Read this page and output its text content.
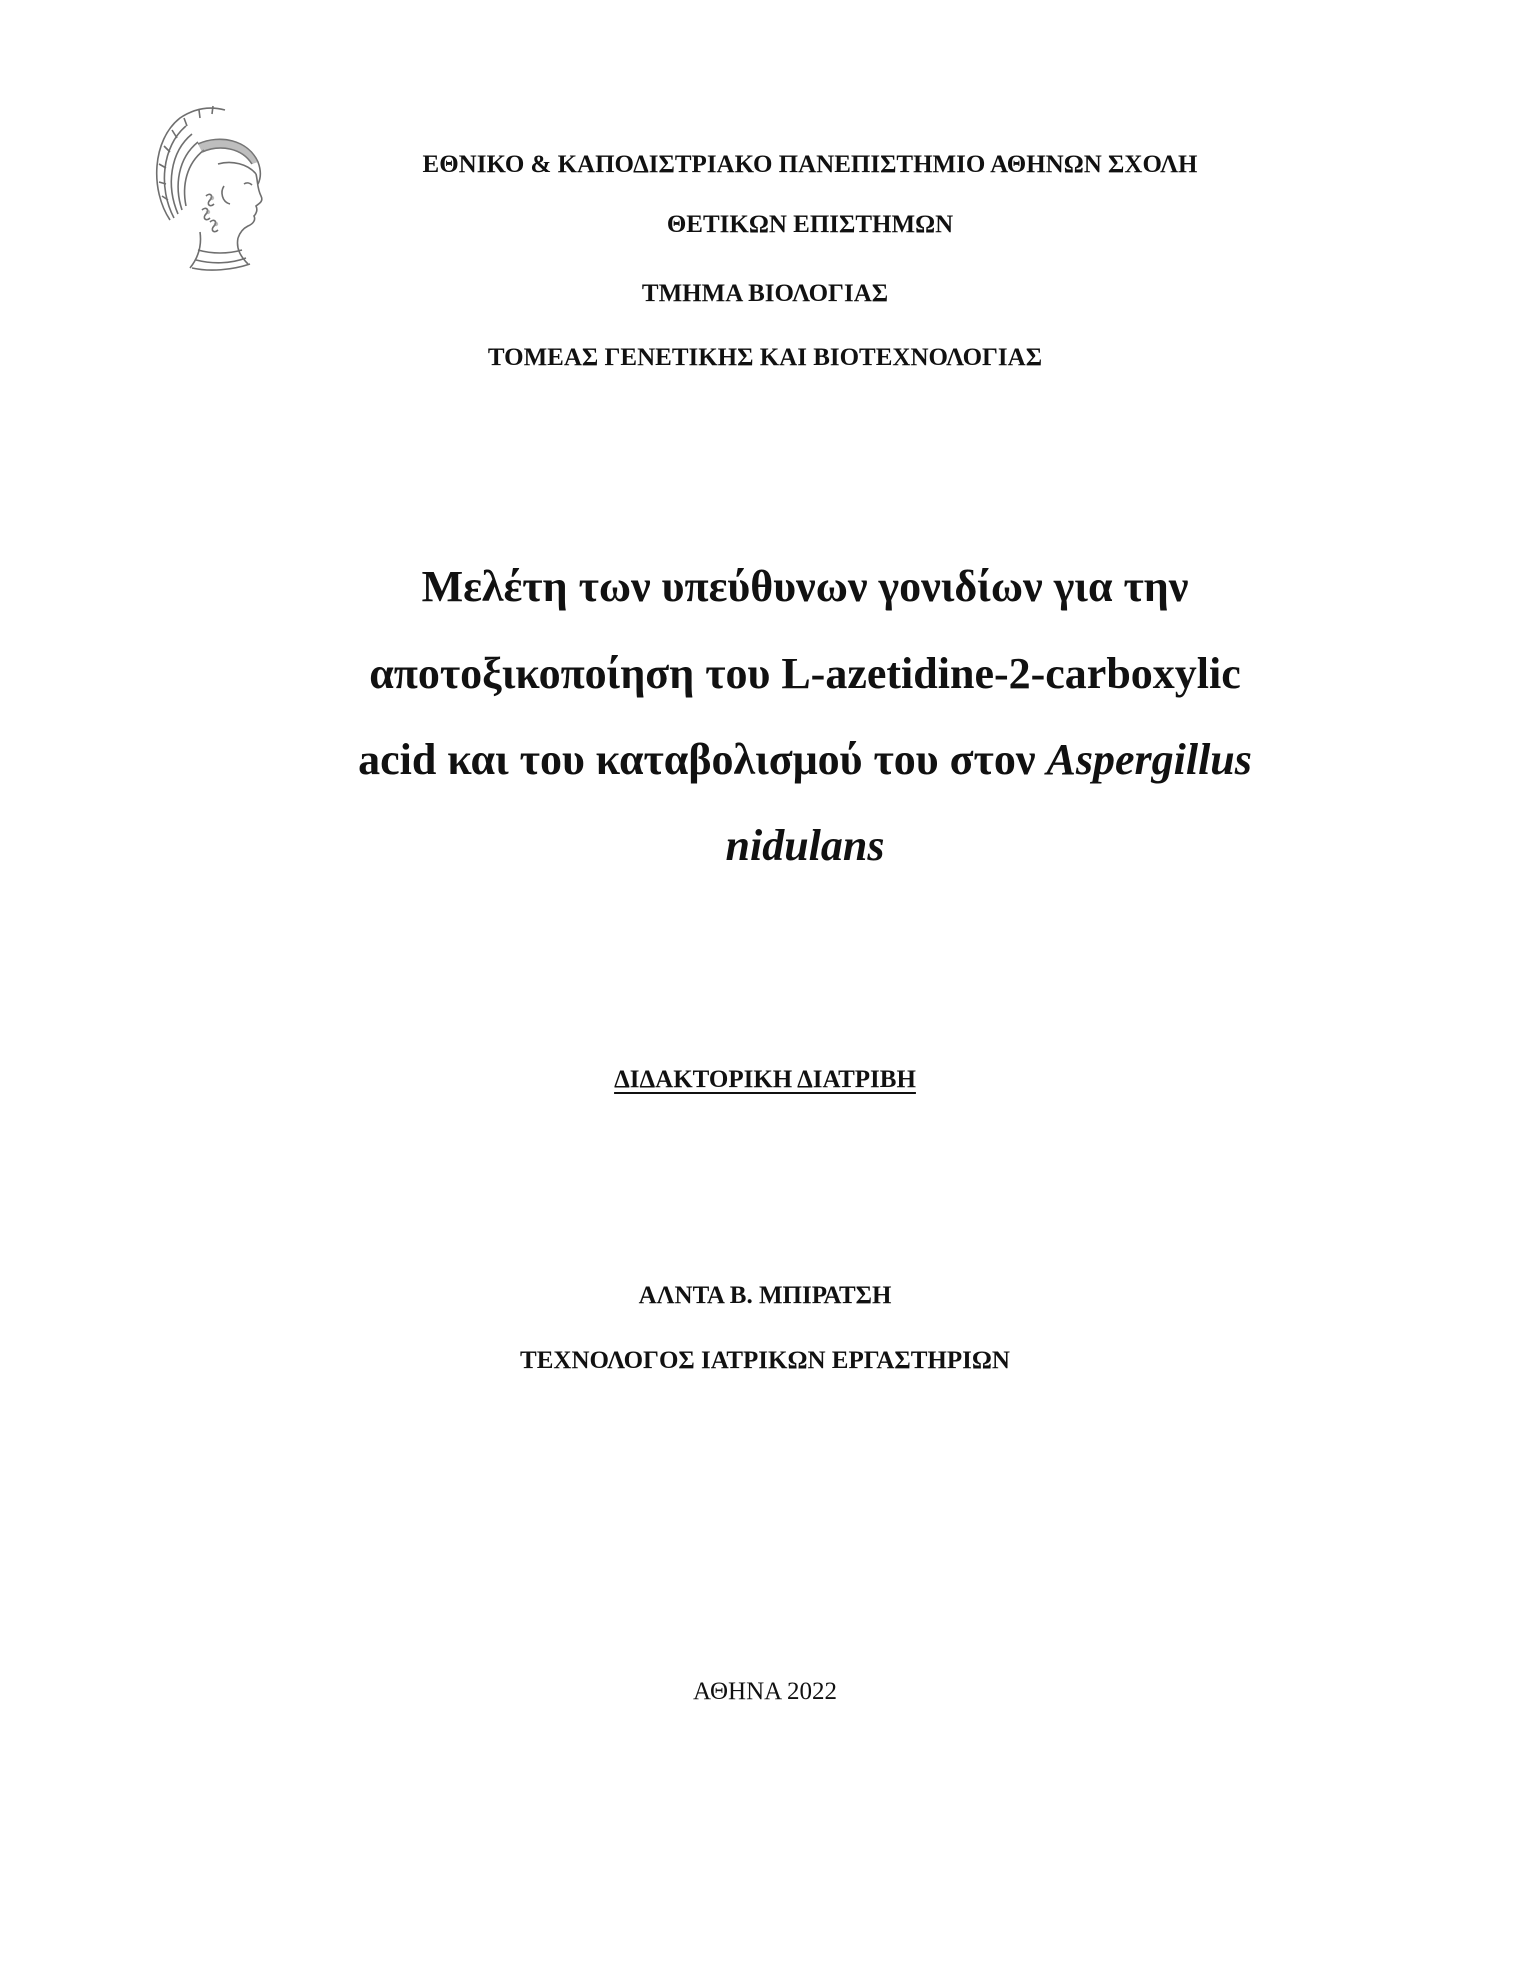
ΕΘΝΙΚΟ & ΚΑΠΟΔΙΣΤΡΙΑΚΟ ΠΑΝΕΠΙΣΤΗΜΙΟ ΑΘΗΝΩΝ ΣΧΟΛΗ
ΘΕΤΙΚΩΝ ΕΠΙΣΤΗΜΩΝ
ΤΜΗΜΑ ΒΙΟΛΟΓΙΑΣ
ΤΟΜΕΑΣ ΓΕΝΕΤΙΚΗΣ ΚΑΙ ΒΙΟΤΕΧΝΟΛΟΓΙΑΣ
Μελέτη των υπεύθυνων γονιδίων για την
αποτοξικοποίηση του L-azetidine-2-carboxylic
acid και του καταβολισμού του στον Aspergillus
nidulans
ΔΙΔΑΚΤΟΡΙΚΗ ΔΙΑΤΡΙΒΗ
ΑΛΝΤΑ Β. ΜΠΙΡΑΤΣΗ
ΤΕΧΝΟΛΟΓΟΣ ΙΑΤΡΙΚΩΝ ΕΡΓΑΣΤΗΡΙΩΝ
ΑΘΗΝΑ 2022
